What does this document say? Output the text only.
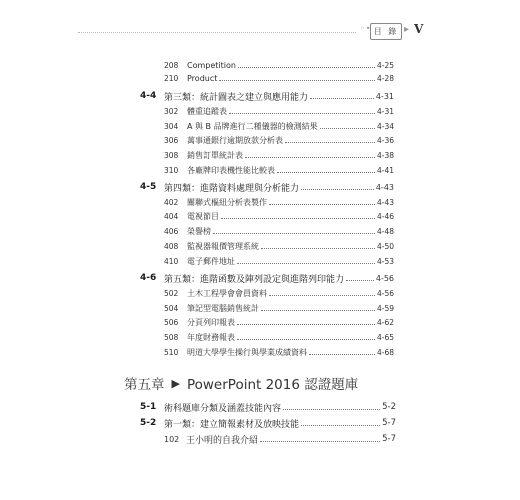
◦• 目 錄 ▸ V
208	Competition	4-25
210	Product	4-28
4-4 第三類：統計圖表之建立與應用能力	4-31
302	體重追蹤表	4-31
304	A 與 B 品牌進行二種儀器的檢測結果	4-34
306	萬事通銀行逾期放款分析表	4-36
308	銷售訂單統計表	4-38
310	各廠牌印表機性能比較表	4-41
4-5 第四類：進階資料處理與分析能力	4-43
402	關聯式樞紐分析表製作	4-43
404	電視節目	4-46
406	榮譽榜	4-48
408	監視器報價管理系統	4-50
410	電子郵件地址	4-53
4-6 第五類：進階函數及陣列設定與進階列印能力	4-56
502	土木工程學會會員資料	4-56
504	筆記型電腦銷售統計	4-59
506	分頁列印報表	4-62
508	年度財務報表	4-65
510	明道大學學生操行與學業成績資料	4-68
第五章 ▶ PowerPoint 2016 認證題庫
5-1 術科題庫分類及涵蓋技能內容	5-2
5-2 第一類：建立簡報素材及放映技能	5-7
102 王小明的自我介紹	5-7
